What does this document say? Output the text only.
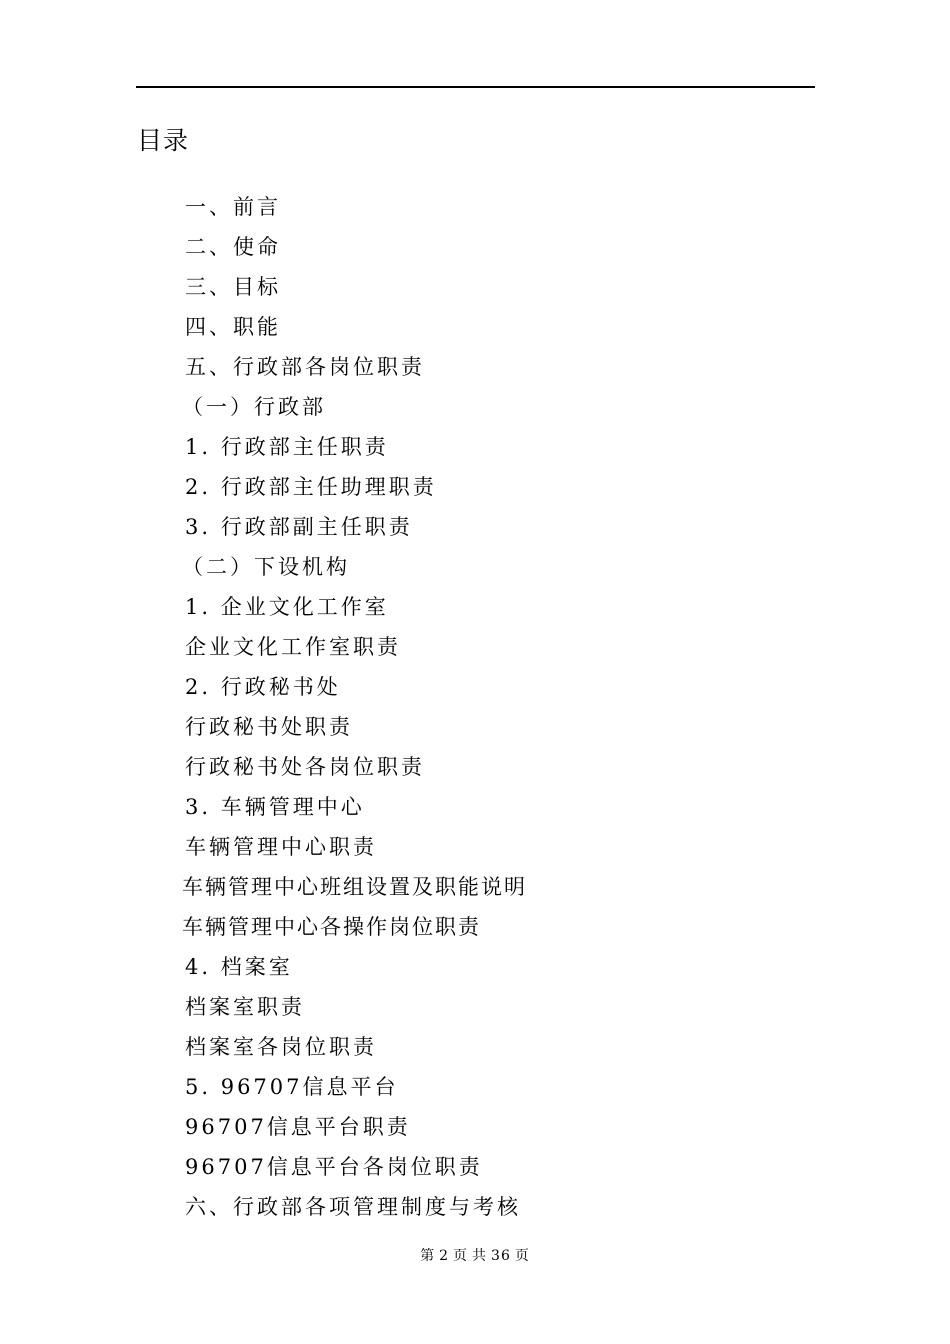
目录
一、前言
二、使命
三、目标
四、职能
五、行政部各岗位职责
（一）行政部
1. 行政部主任职责
2. 行政部主任助理职责
3. 行政部副主任职责
（二）下设机构
1. 企业文化工作室
企业文化工作室职责
2. 行政秘书处
行政秘书处职责
行政秘书处各岗位职责
3. 车辆管理中心
车辆管理中心职责
车辆管理中心班组设置及职能说明
车辆管理中心各操作岗位职责
4. 档案室
档案室职责
档案室各岗位职责
5. 96707信息平台
96707信息平台职责
96707信息平台各岗位职责
六、行政部各项管理制度与考核
第 2 页 共 36 页
